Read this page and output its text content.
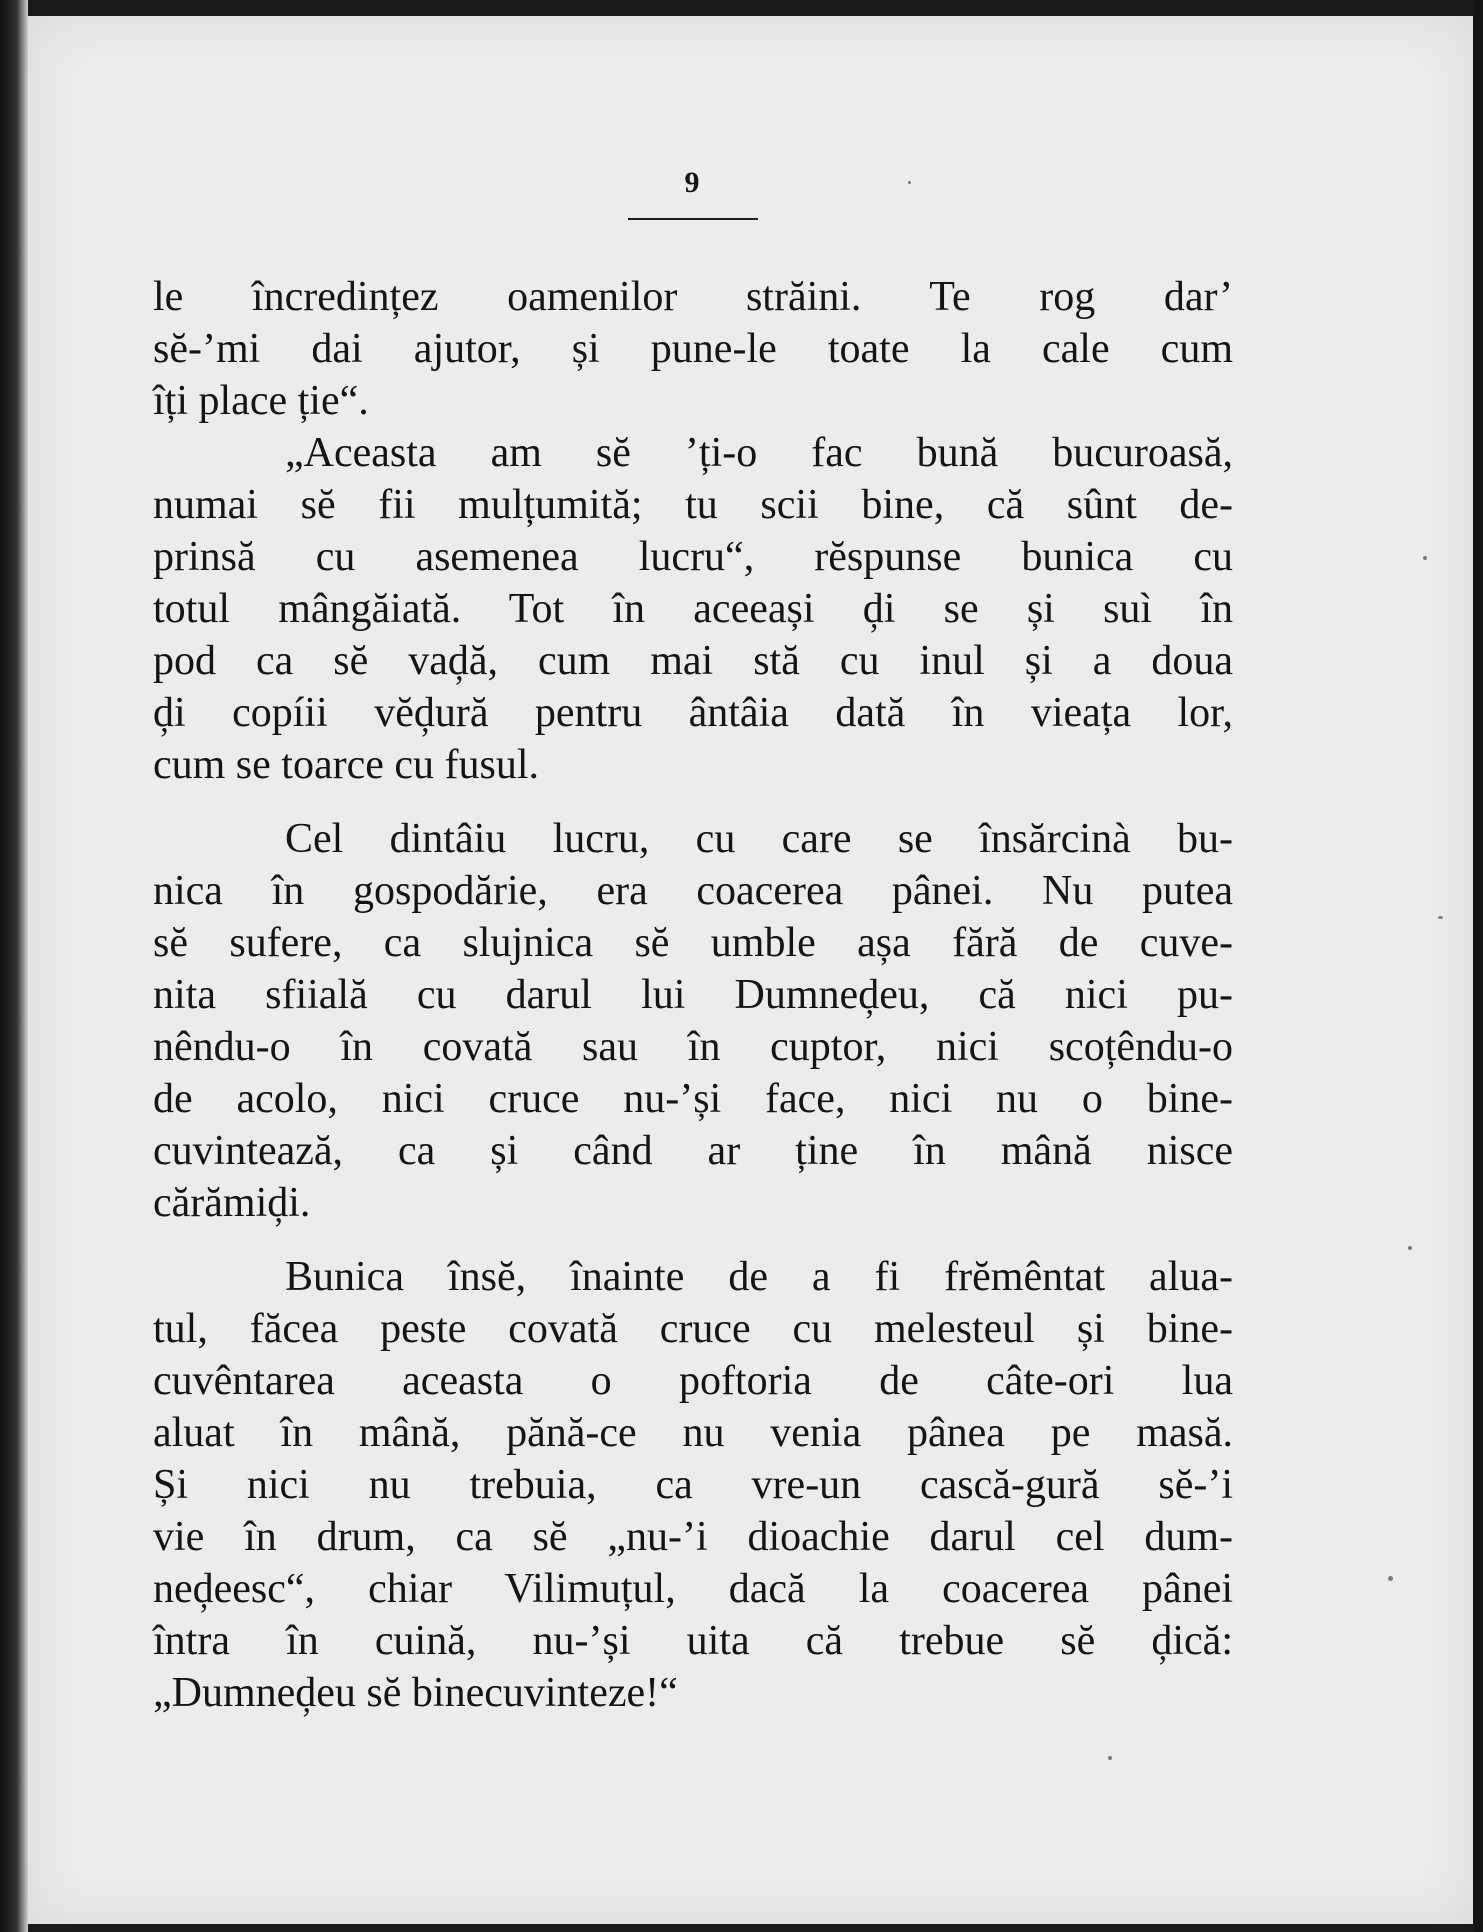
9
le încredințez oamenilor străini. Te rog dar’
sĕ-’mi dai ajutor, și pune-le toate la cale cum
îți place ție“.
„Aceasta am sĕ ’ți-o fac bună bucuroasă,
numai sĕ fii mulțumită; tu scii bine, că sûnt de-
prinsă cu asemenea lucru“, rĕspunse bunica cu
totul mângăiată. Tot în aceeași ḑi se și suì în
pod ca sĕ vaḑă, cum mai stă cu inul și a doua
ḑi copíii vĕḑură pentru ântâia dată în vieața lor,
cum se toarce cu fusul.
Cel dintâiu lucru, cu care se însărcinà bu-
nica în gospodărie, era coacerea pânei. Nu putea
sĕ sufere, ca slujnica sĕ umble așa fără de cuve-
nita sfiială cu darul lui Dumneḑeu, că nici pu-
nêndu-o în covată sau în cuptor, nici scoțêndu-o
de acolo, nici cruce nu-’și face, nici nu o bine-
cuvintează, ca și când ar ține în mână nisce
cărămiḑi.
Bunica însĕ, înainte de a fi frĕmêntat alua-
tul, făcea peste covată cruce cu melesteul și bine-
cuvêntarea aceasta o poftoria de câte-ori lua
aluat în mână, pănă-ce nu venia pânea pe masă.
Și nici nu trebuia, ca vre-un cască-gură sĕ-’i
vie în drum, ca sĕ „nu-’i dioachie darul cel dum-
neḑeesc“, chiar Vilimuțul, dacă la coacerea pânei
întra în cuină, nu-’și uita că trebue sĕ ḑică:
„Dumneḑeu sĕ binecuvinteze!“
